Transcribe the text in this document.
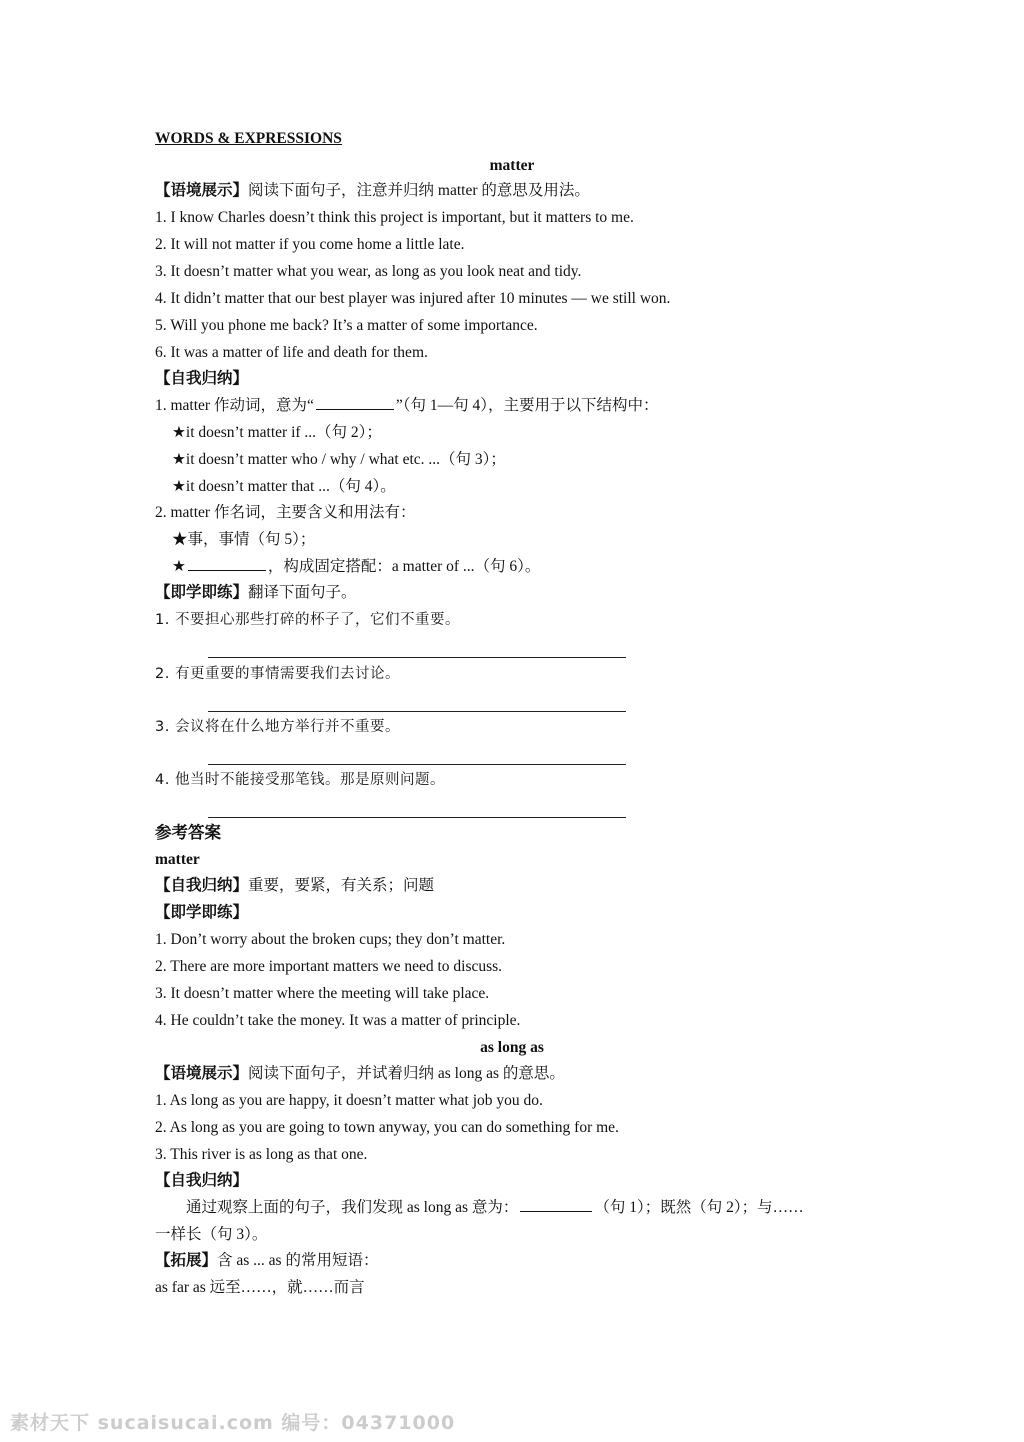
WORDS & EXPRESSIONS
matter
【语境展示】阅读下面句子，注意并归纳 matter 的意思及用法。
1. I know Charles doesn’t think this project is important, but it matters to me.
2. It will not matter if you come home a little late.
3. It doesn’t matter what you wear, as long as you look neat and tidy.
4. It didn’t matter that our best player was injured after 10 minutes — we still won.
5. Will you phone me back? It’s a matter of some importance.
6. It was a matter of life and death for them.
【自我归纳】
1. matter 作动词，意为“	”（句 1—句 4），主要用于以下结构中：
★it doesn’t matter if ...（句 2）；
★it doesn’t matter who / why / what etc. ...（句 3）；
★it doesn’t matter that ...（句 4）。
2. matter 作名词，主要含义和用法有：
★事，事情（句 5）；
★	，构成固定搭配：a matter of ...（句 6）。
【即学即练】翻译下面句子。
1. 不要担心那些打碎的杯子了，它们不重要。
2. 有更重要的事情需要我们去讨论。
3. 会议将在什么地方举行并不重要。
4. 他当时不能接受那笔钱。那是原则问题。
参考答案
matter
【自我归纳】重要，要紧，有关系；问题
【即学即练】
1. Don’t worry about the broken cups; they don’t matter.
2. There are more important matters we need to discuss.
3. It doesn’t matter where the meeting will take place.
4. He couldn’t take the money. It was a matter of principle.
as long as
【语境展示】阅读下面句子，并试着归纳 as long as 的意思。
1. As long as you are happy, it doesn’t matter what job you do.
2. As long as you are going to town anyway, you can do something for me.
3. This river is as long as that one.
【自我归纳】
通过观察上面的句子，我们发现 as long as 意为：	（句 1）；既然（句 2）；与……
一样长（句 3）。
【拓展】含 as ... as 的常用短语：
as far as 远至……，就……而言
素材天下 sucaisucai.com 编号：04371000
